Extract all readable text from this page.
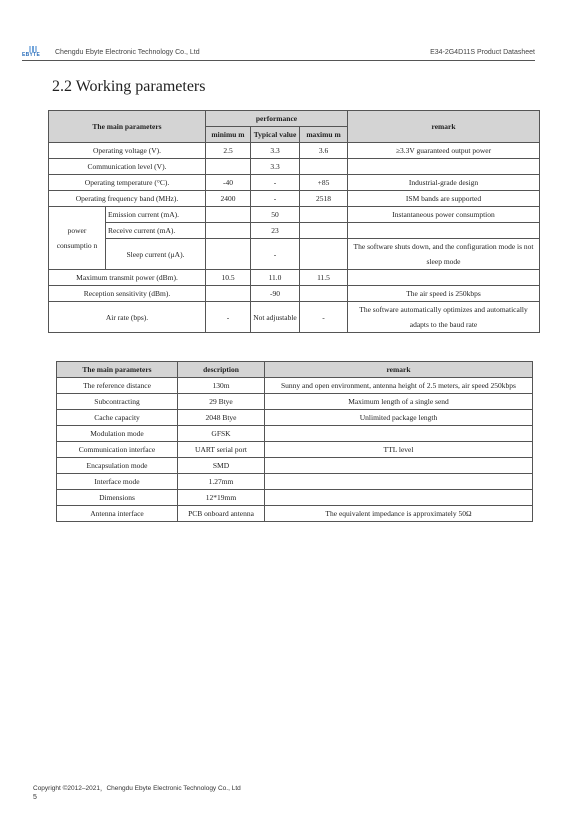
EBYTE Chengdu Ebyte Electronic Technology Co., Ltd	E34-2G4D11S Product Datasheet
2.2 Working parameters
The main parameters		performance			remark
		minimu m	Typical value	maximu m	
Operating voltage (V).		2.5	3.3	3.6	≥3.3V guaranteed output power
Communication level (V).			3.3		
Operating temperature (°C).		-40	-	+85	Industrial-grade design
Operating frequency band (MHz).		2400	-	2518	ISM bands are supported
power consumptio n	Emission current (mA).		50		Instantaneous power consumption
	Receive current (mA).		23		
	Sleep current (μA).		-		The software shuts down, and the configuration mode is not sleep mode
Maximum transmit power (dBm).		10.5	11.0	11.5	
Reception sensitivity (dBm).			-90		The air speed is 250kbps
Air rate (bps).		-	Not adjustable	-	The software automatically optimizes and automatically adapts to the baud rate
The main parameters	description	remark
The reference distance	130m	Sunny and open environment, antenna height of 2.5 meters, air speed 250kbps
Subcontracting	29 Btye	Maximum length of a single send
Cache capacity	2048 Btye	Unlimited package length
Modulation mode	GFSK	
Communication interface	UART serial port	TTL level
Encapsulation mode	SMD	
Interface mode	1.27mm	
Dimensions	12*19mm	
Antenna interface	PCB onboard antenna	The equivalent impedance is approximately 50Ω
Copyright ©2012–2021，Chengdu Ebyte Electronic Technology Co., Ltd
5
